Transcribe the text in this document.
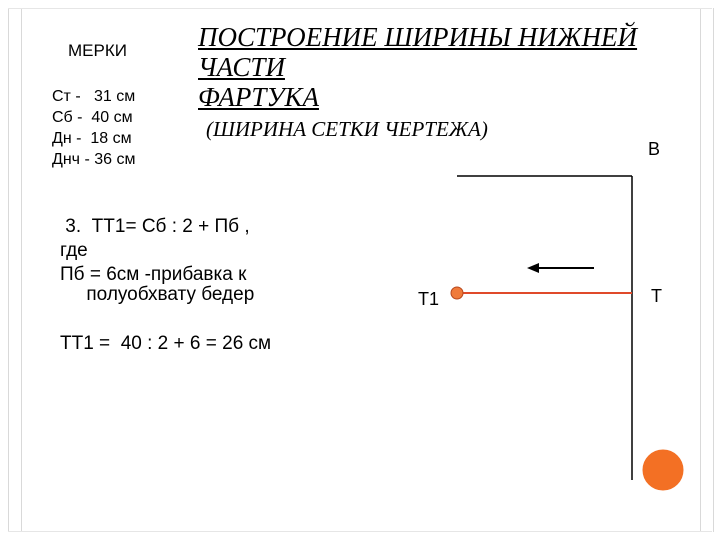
МЕРКИ
Ст -   31 см
Сб -  40 см
Дн -  18 см
Днч - 36 см
ПОСТРОЕНИЕ ШИРИНЫ НИЖНЕЙ
ЧАСТИ
ФАРТУКА
(ШИРИНА СЕТКИ ЧЕРТЕЖА)
3.  ТТ1= Сб : 2 + Пб ,
где
Пб = 6см -прибавка к
полуобхвату бедер
ТТ1 =  40 : 2 + 6 = 26 см
В
Т
Т1
